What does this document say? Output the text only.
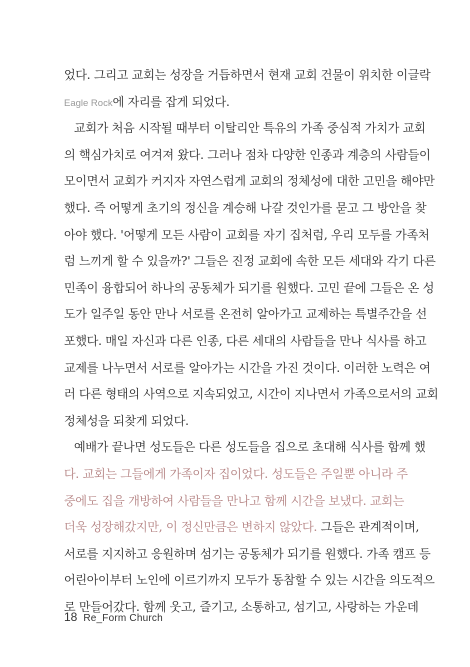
었다. 그리고 교회는 성장을 거듭하면서 현재 교회 건물이 위치한 이글락
Eagle Rock에 자리를 잡게 되었다.
교회가 처음 시작될 때부터 이탈리안 특유의 가족 중심적 가치가 교회
의 핵심가치로 여겨져 왔다. 그러나 점차 다양한 인종과 계층의 사람들이
모이면서 교회가 커지자 자연스럽게 교회의 정체성에 대한 고민을 해야만
했다. 즉 어떻게 초기의 정신을 계승해 나갈 것인가를 묻고 그 방안을 찾
아야 했다. '어떻게 모든 사람이 교회를 자기 집처럼, 우리 모두를 가족처
럼 느끼게 할 수 있을까?' 그들은 진정 교회에 속한 모든 세대와 각기 다른
민족이 융합되어 하나의 공동체가 되기를 원했다. 고민 끝에 그들은 온 성
도가 일주일 동안 만나 서로를 온전히 알아가고 교제하는 특별주간을 선
포했다. 매일 자신과 다른 인종, 다른 세대의 사람들을 만나 식사를 하고
교제를 나누면서 서로를 알아가는 시간을 가진 것이다. 이러한 노력은 여
러 다른 형태의 사역으로 지속되었고, 시간이 지나면서 가족으로서의 교회
정체성을 되찾게 되었다.
예배가 끝나면 성도들은 다른 성도들을 집으로 초대해 식사를 함께 했
다. 교회는 그들에게 가족이자 집이었다. 성도들은 주일뿐 아니라 주
중에도 집을 개방하여 사람들을 만나고 함께 시간을 보냈다. 교회는
더욱 성장해갔지만, 이 정신만큼은 변하지 않았다. 그들은 관계적이며,
서로를 지지하고 응원하며 섬기는 공동체가 되기를 원했다. 가족 캠프 등
어린아이부터 노인에 이르기까지 모두가 동참할 수 있는 시간을 의도적으
로 만들어갔다. 함께 웃고, 즐기고, 소통하고, 섬기고, 사랑하는 가운데
18 Re_Form Church
